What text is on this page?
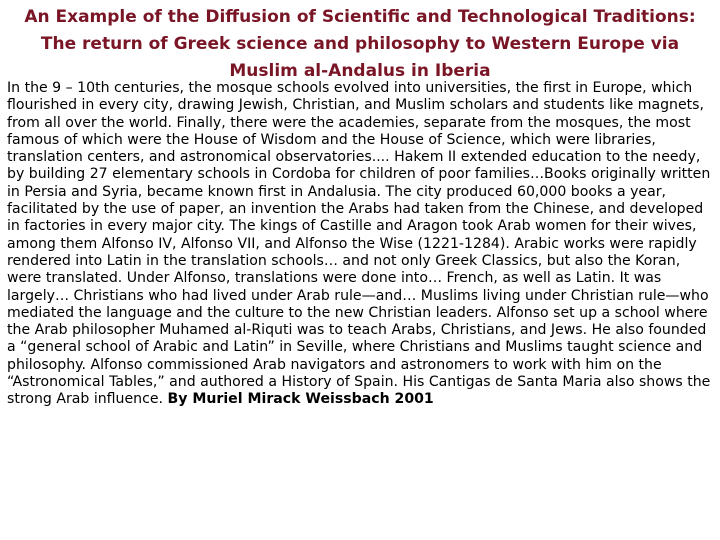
An Example of the Diffusion of Scientific and Technological Traditions: The return of Greek science and philosophy to Western Europe via Muslim al-Andalus in Iberia

In the 9 – 10th centuries, the mosque schools evolved into universities, the first in Europe, which flourished in every city, drawing Jewish, Christian, and Muslim scholars and students like magnets, from all over the world. Finally, there were the academies, separate from the mosques, the most famous of which were the House of Wisdom and the House of Science, which were libraries, translation centers, and astronomical observatories.... Hakem II extended education to the needy, by building 27 elementary schools in Cordoba for children of poor families…Books originally written in Persia and Syria, became known first in Andalusia. The city produced 60,000 books a year, facilitated by the use of paper, an invention the Arabs had taken from the Chinese, and developed in factories in every major city. The kings of Castille and Aragon took Arab women for their wives, among them Alfonso IV, Alfonso VII, and Alfonso the Wise (1221-1284). Arabic works were rapidly rendered into Latin in the translation schools… and not only Greek Classics, but also the Koran, were translated. Under Alfonso, translations were done into… French, as well as Latin. It was largely… Christians who had lived under Arab rule—and… Muslims living under Christian rule—who mediated the language and the culture to the new Christian leaders. Alfonso set up a school where the Arab philosopher Muhamed al-Riquti was to teach Arabs, Christians, and Jews. He also founded a “general school of Arabic and Latin” in Seville, where Christians and Muslims taught science and philosophy. Alfonso commissioned Arab navigators and astronomers to work with him on the “Astronomical Tables,” and authored a History of Spain. His Cantigas de Santa Maria also shows the strong Arab influence. By Muriel Mirack Weissbach 2001
